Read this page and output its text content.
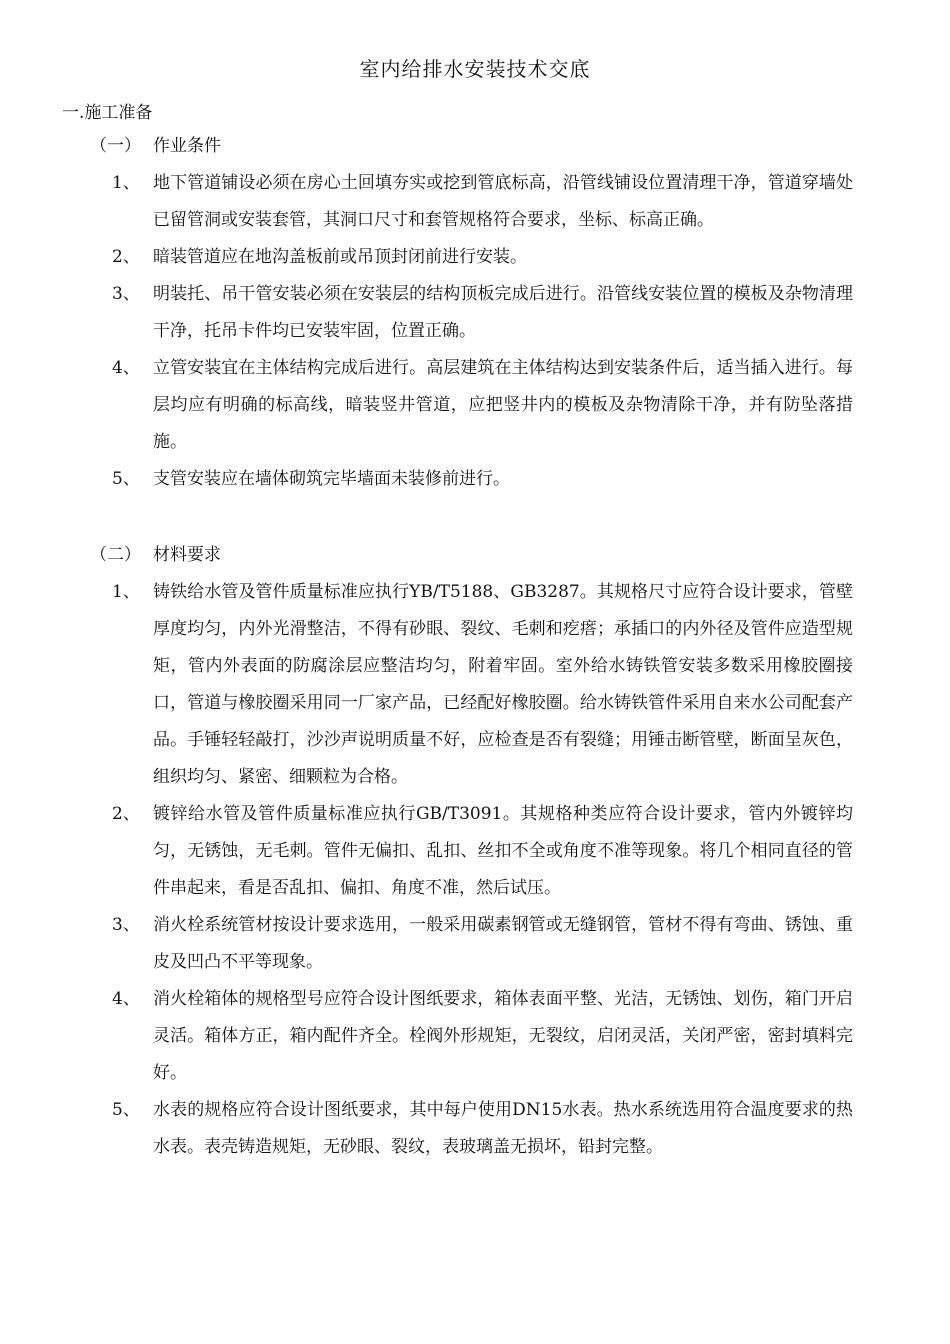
室内给排水安装技术交底
一.施工准备
（一） 作业条件
1、 地下管道铺设必须在房心土回填夯实或挖到管底标高，沿管线铺设位置清理干净，管道穿墙处已留管洞或安装套管，其洞口尺寸和套管规格符合要求，坐标、标高正确。
2、 暗装管道应在地沟盖板前或吊顶封闭前进行安装。
3、 明装托、吊干管安装必须在安装层的结构顶板完成后进行。沿管线安装位置的模板及杂物清理干净，托吊卡件均已安装牢固，位置正确。
4、 立管安装宜在主体结构完成后进行。高层建筑在主体结构达到安装条件后，适当插入进行。每层均应有明确的标高线，暗装竖井管道，应把竖井内的模板及杂物清除干净，并有防坠落措施。
5、 支管安装应在墙体砌筑完毕墙面未装修前进行。
（二） 材料要求
1、 铸铁给水管及管件质量标准应执行YB/T5188、GB3287。其规格尺寸应符合设计要求，管壁厚度均匀，内外光滑整洁，不得有砂眼、裂纹、毛刺和疙瘩；承插口的内外径及管件应造型规矩，管内外表面的防腐涂层应整洁均匀，附着牢固。室外给水铸铁管安装多数采用橡胶圈接口，管道与橡胶圈采用同一厂家产品，已经配好橡胶圈。给水铸铁管件采用自来水公司配套产品。手锤轻轻敲打，沙沙声说明质量不好，应检查是否有裂缝；用锤击断管壁，断面呈灰色，组织均匀、紧密、细颗粒为合格。
2、 镀锌给水管及管件质量标准应执行GB/T3091。其规格种类应符合设计要求，管内外镀锌均匀，无锈蚀，无毛刺。管件无偏扣、乱扣、丝扣不全或角度不准等现象。将几个相同直径的管件串起来，看是否乱扣、偏扣、角度不准，然后试压。
3、 消火栓系统管材按设计要求选用，一般采用碳素钢管或无缝钢管，管材不得有弯曲、锈蚀、重皮及凹凸不平等现象。
4、 消火栓箱体的规格型号应符合设计图纸要求，箱体表面平整、光洁，无锈蚀、划伤，箱门开启灵活。箱体方正，箱内配件齐全。栓阀外形规矩，无裂纹，启闭灵活，关闭严密，密封填料完好。
5、 水表的规格应符合设计图纸要求，其中每户使用DN15水表。热水系统选用符合温度要求的热水表。表壳铸造规矩，无砂眼、裂纹，表玻璃盖无损坏，铅封完整。
